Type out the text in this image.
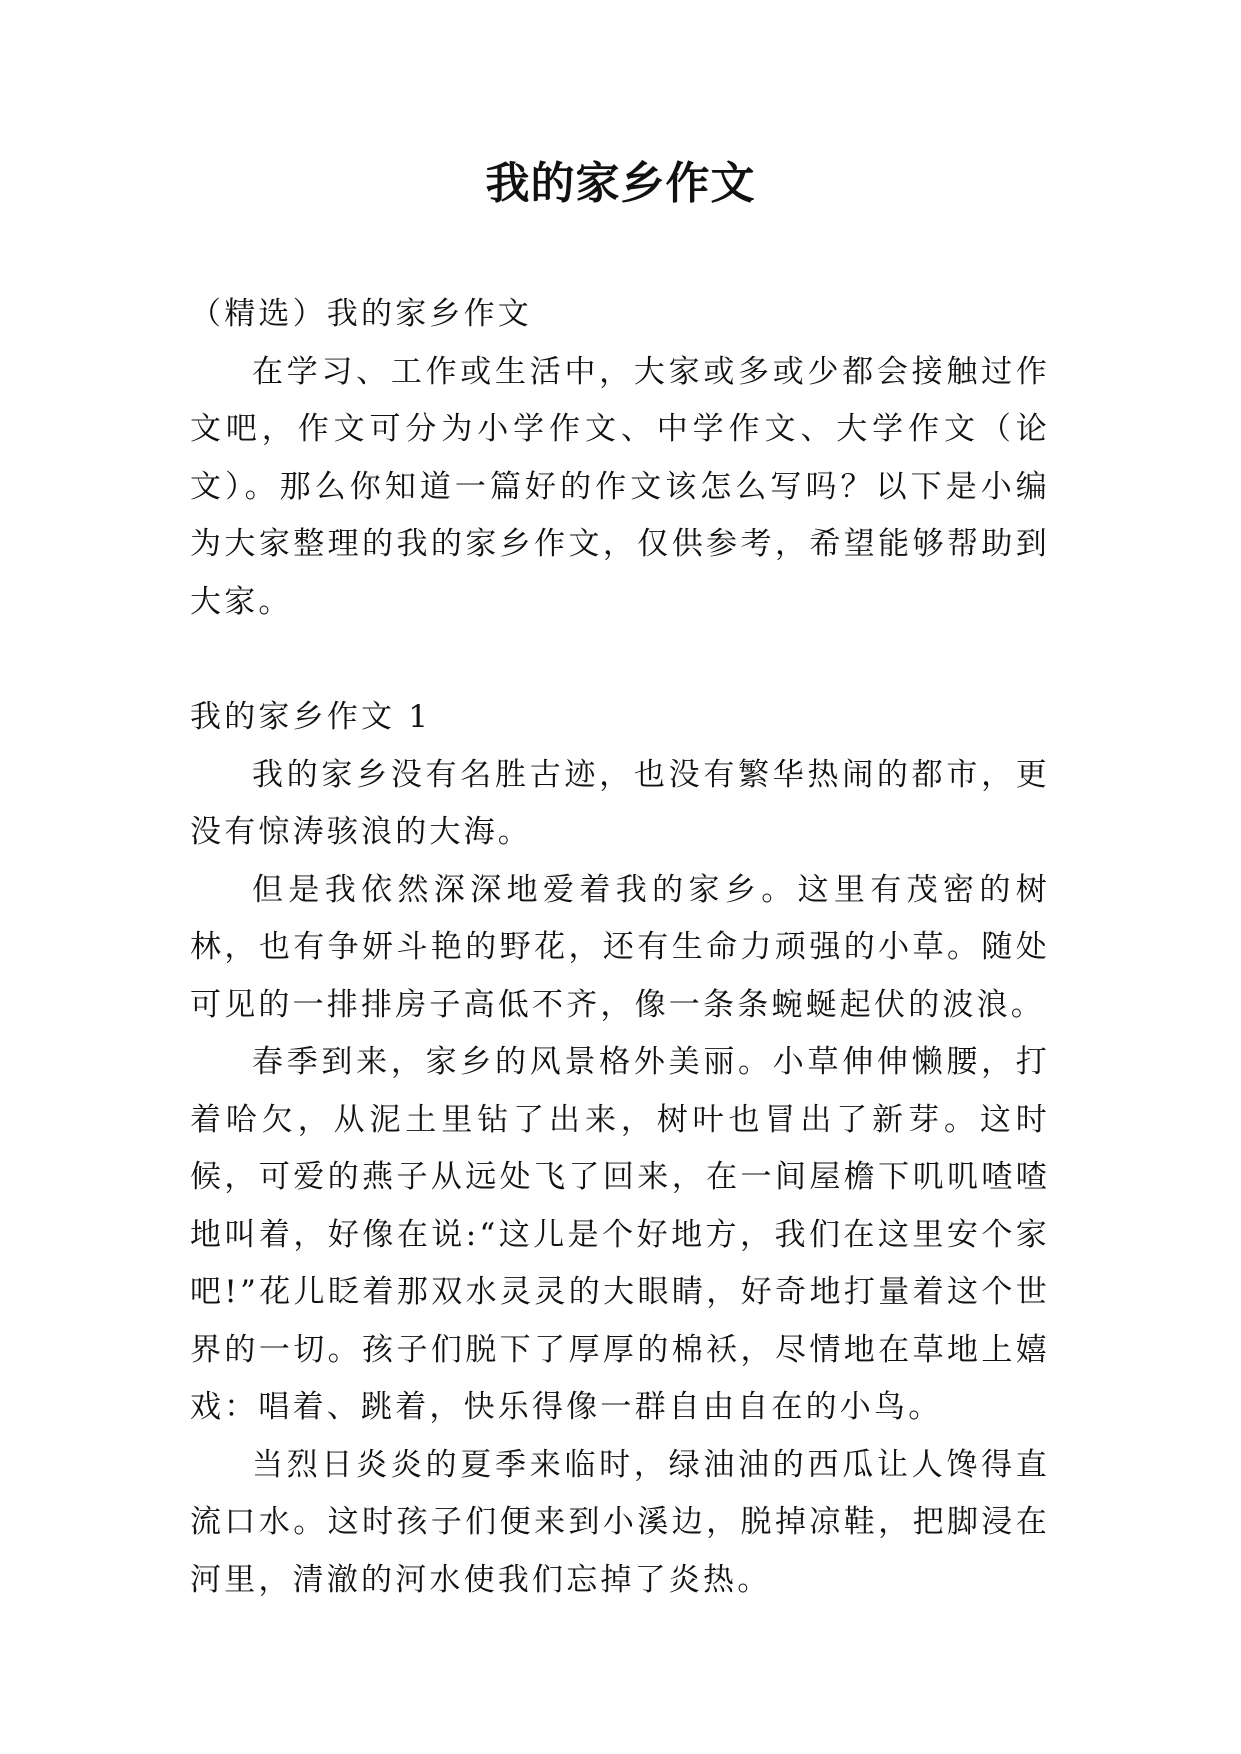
我的家乡作文

（精选）我的家乡作文

在学习、工作或生活中，大家或多或少都会接触过作文吧，作文可分为小学作文、中学作文、大学作文（论文）。那么你知道一篇好的作文该怎么写吗？以下是小编为大家整理的我的家乡作文，仅供参考，希望能够帮助到大家。

我的家乡作文 1

我的家乡没有名胜古迹，也没有繁华热闹的都市，更没有惊涛骇浪的大海。

但是我依然深深地爱着我的家乡。这里有茂密的树林，也有争妍斗艳的野花，还有生命力顽强的小草。随处可见的一排排房子高低不齐，像一条条蜿蜒起伏的波浪。

春季到来，家乡的风景格外美丽。小草伸伸懒腰，打着哈欠，从泥土里钻了出来，树叶也冒出了新芽。这时候，可爱的燕子从远处飞了回来，在一间屋檐下叽叽喳喳地叫着，好像在说:“这儿是个好地方，我们在这里安个家吧!”花儿眨着那双水灵灵的大眼睛，好奇地打量着这个世界的一切。孩子们脱下了厚厚的棉袄，尽情地在草地上嬉戏：唱着、跳着，快乐得像一群自由自在的小鸟。

当烈日炎炎的夏季来临时，绿油油的西瓜让人馋得直流口水。这时孩子们便来到小溪边，脱掉凉鞋，把脚浸在河里，清澈的河水使我们忘掉了炎热。
